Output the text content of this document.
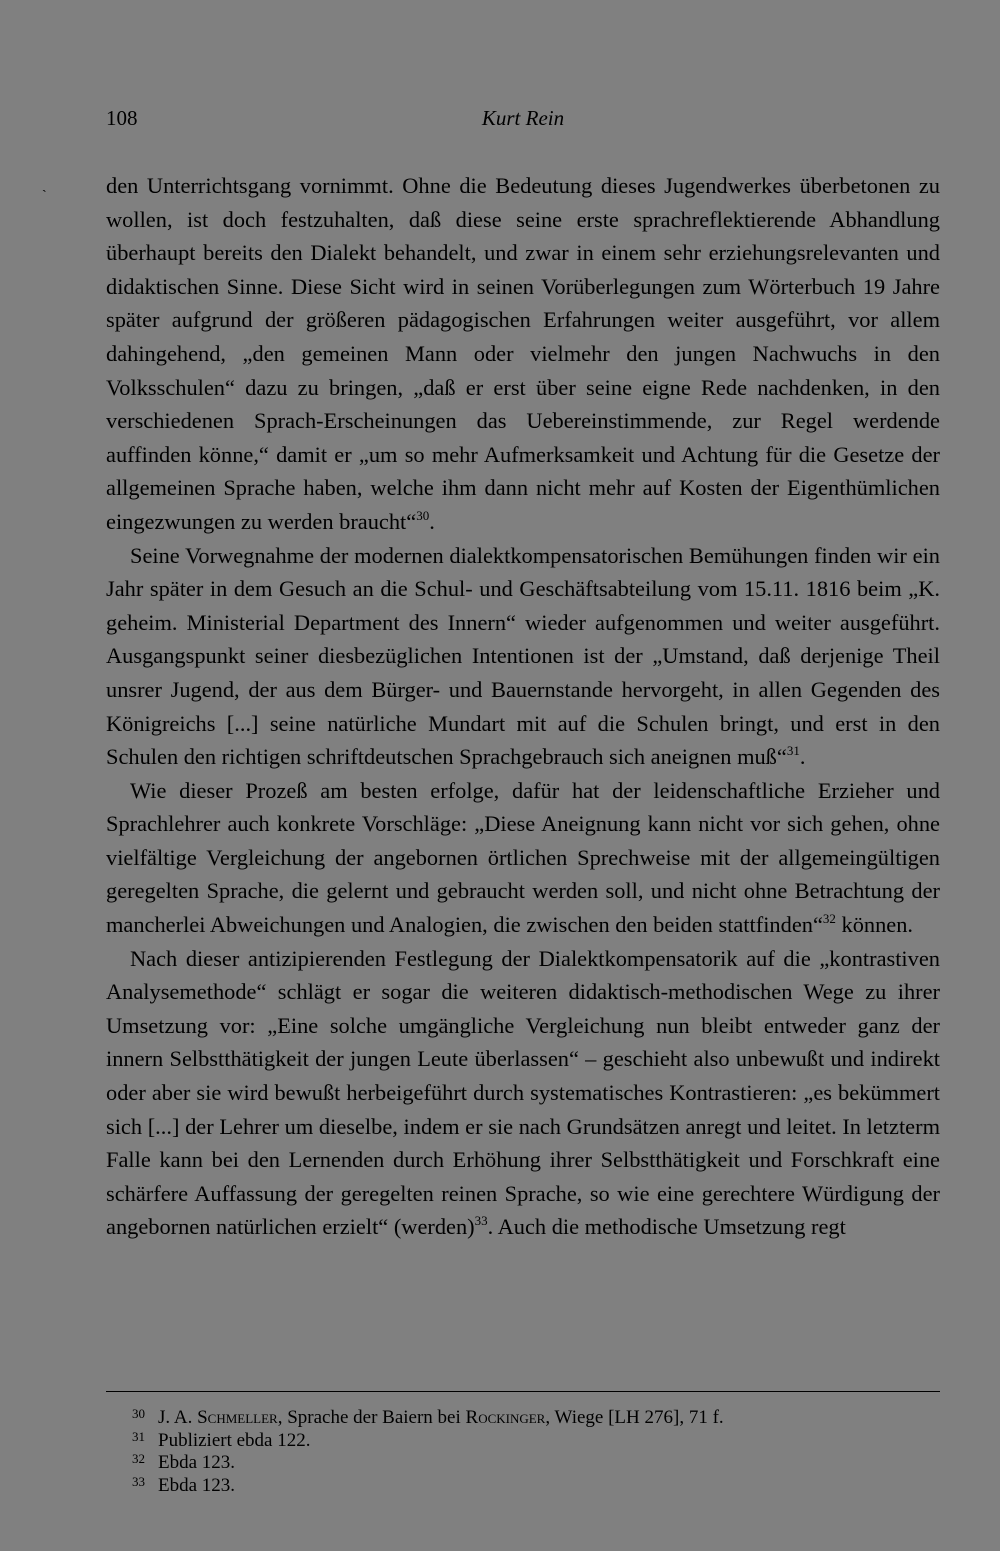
108	Kurt Rein
ˎ	den Unterrichtsgang vornimmt. Ohne die Bedeutung dieses Jugendwerkes überbetonen zu wollen, ist doch festzuhalten, daß diese seine erste sprachreflektierende Abhandlung überhaupt bereits den Dialekt behandelt, und zwar in einem sehr erziehungsrelevanten und didaktischen Sinne. Diese Sicht wird in seinen Vorüberlegungen zum Wörterbuch 19 Jahre später aufgrund der größeren pädagogischen Erfahrungen weiter ausgeführt, vor allem dahingehend, „den gemeinen Mann oder vielmehr den jungen Nachwuchs in den Volksschulen“ dazu zu bringen, „daß er erst über seine eigne Rede nachdenken, in den verschiedenen Sprach-Erscheinungen das Uebereinstimmende, zur Regel werdende auffinden könne,“ damit er „um so mehr Aufmerksamkeit und Achtung für die Gesetze der allgemeinen Sprache haben, welche ihm dann nicht mehr auf Kosten der Eigenthümlichen eingezwungen zu werden braucht“$^{30}$.

Seine Vorwegnahme der modernen dialektkompensatorischen Bemühungen finden wir ein Jahr später in dem Gesuch an die Schul- und Geschäftsabteilung vom 15.11. 1816 beim „K. geheim. Ministerial Department des Innern“ wieder aufgenommen und weiter ausgeführt. Ausgangspunkt seiner diesbezüglichen Intentionen ist der „Umstand, daß derjenige Theil unsrer Jugend, der aus dem Bürger- und Bauernstande hervorgeht, in allen Gegenden des Königreichs [...] seine natürliche Mundart mit auf die Schulen bringt, und erst in den Schulen den richtigen schriftdeutschen Sprachgebrauch sich aneignen muß“$^{31}$.

Wie dieser Prozeß am besten erfolge, dafür hat der leidenschaftliche Erzieher und Sprachlehrer auch konkrete Vorschläge: „Diese Aneignung kann nicht vor sich gehen, ohne vielfältige Vergleichung der angebornen örtlichen Sprechweise mit der allgemeingültigen geregelten Sprache, die gelernt und gebraucht werden soll, und nicht ohne Betrachtung der mancherlei Abweichungen und Analogien, die zwischen den beiden stattfinden“$^{32}$ können.

Nach dieser antizipierenden Festlegung der Dialektkompensatorik auf die „kontrastiven Analysemethode“ schlägt er sogar die weiteren didaktisch-methodischen Wege zu ihrer Umsetzung vor: „Eine solche umgängliche Vergleichung nun bleibt entweder ganz der innern Selbstthätigkeit der jungen Leute überlassen“ – geschieht also unbewußt und indirekt oder aber sie wird bewußt herbeigeführt durch systematisches Kontrastieren: „es bekümmert sich [...] der Lehrer um dieselbe, indem er sie nach Grundsätzen anregt und leitet. In letzterm Falle kann bei den Lernenden durch Erhöhung ihrer Selbstthätigkeit und Forschkraft eine schärfere Auffassung der geregelten reinen Sprache, so wie eine gerechtere Würdigung der angebornen natürlichen erzielt“ (werden)$^{33}$. Auch die methodische Umsetzung regt

30 J. A. Schmeller, Sprache der Baiern bei Rockinger, Wiege [LH 276], 71 f.
31 Publiziert ebda 122.
32 Ebda 123.
33 Ebda 123.
